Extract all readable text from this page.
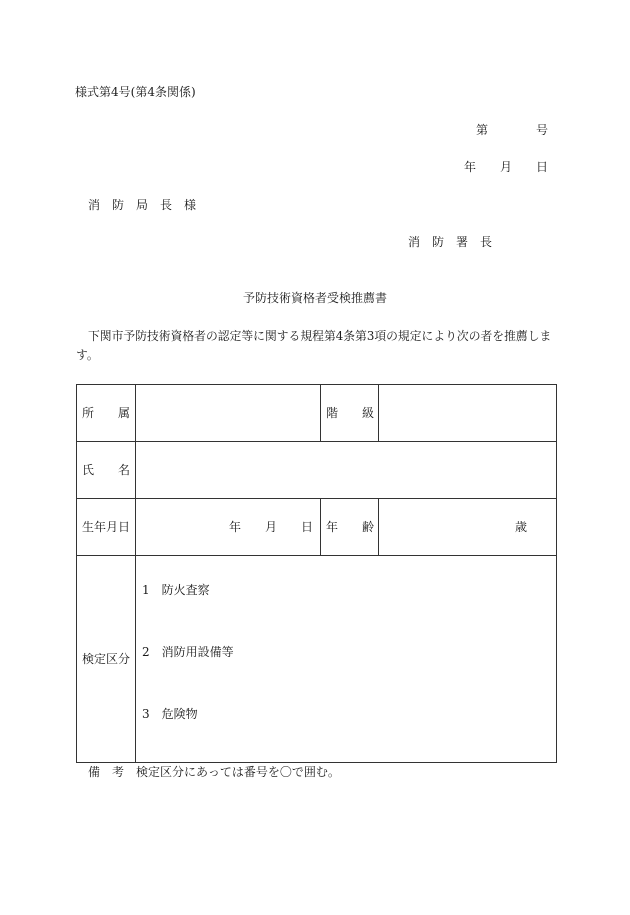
様式第4号(第4条関係)
第　　　　号
年　　月　　日
消　防　局　長　様
消　防　署　長
予防技術資格者受検推薦書
下関市予防技術資格者の認定等に関する規程第4条第3項の規定により次の者を推薦します。
所　　属		階　　級	
氏　　名			
生年月日	年　　月　　日	年　　齢	歳
検定区分	1　防火査察
2　消防用設備等
3　危険物		
備　考 検定区分にあっては番号を〇で囲む。
